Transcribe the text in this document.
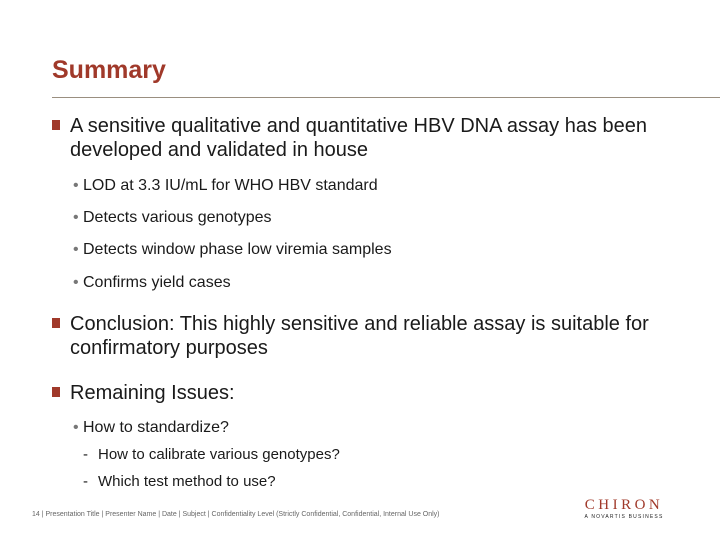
Summary
A sensitive qualitative and quantitative HBV DNA assay has been developed and validated in house
• LOD at 3.3 IU/mL for WHO HBV standard
• Detects various genotypes
• Detects window phase low viremia samples
• Confirms yield cases
Conclusion: This highly sensitive and reliable assay is suitable for confirmatory purposes
Remaining Issues:
• How to standardize?
- How to calibrate various genotypes?
- Which test method to use?
14 | Presentation Title | Presenter Name | Date | Subject | Confidentiality Level (Strictly Confidential, Confidential, Internal Use Only)
CHIRON
A NOVARTIS BUSINESS
